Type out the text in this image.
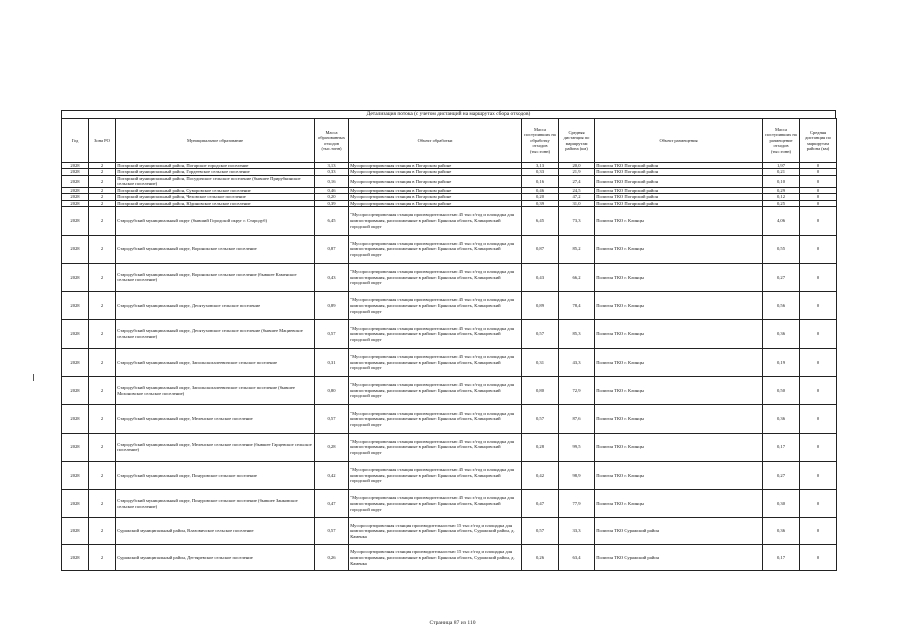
Детализация потока (с учетом дистанций на маршрутах сбора отходов)
Год	Зона РО	Муниципальное образование	Масса образованных отходов (тыс.тонн)	Объект обработки	Масса поступивших на обработку отходов (тыс.тонн)	Средняя дистанция по маршрутам района (км)	Объект размещения	Масса поступивших на размещение отходов (тыс.тонн)	Средняя дистанция по маршрутам района (км)
2028	2	Погарский муниципальный район, Погарское городское поселение	3,13	Мусоросортировочная станция в Погарском районе	3,13	20,0	Полигон ТКО Погарский район	1,97	0
2028	2	Погарский муниципальный район, Гордеевское сельское поселение	0,33	Мусоросортировочная станция в Погарском районе	0,33	21,9	Полигон ТКО Погарский район	0,21	0
2028	2	Погарский муниципальный район, Посудичское сельское поселение (бывшее Прирубкинское сельское поселение)	0,16	Мусоросортировочная станция в Погарском районе	0,16	27,4	Полигон ТКО Погарский район	0,10	0
2028	2	Погарский муниципальный район, Суворовское сельское поселение	0,46	Мусоросортировочная станция в Погарском районе	0,46	24,5	Полигон ТКО Погарский район	0,29	0
2028	2	Погарский муниципальный район, Чеховское сельское поселение	0,20	Мусоросортировочная станция в Погарском районе	0,20	47,2	Полигон ТКО Погарский район	0,12	0
2028	2	Погарский муниципальный район, Юдиновское сельское поселение	0,39	Мусоросортировочная станция в Погарском районе	0,39	31,0	Полигон ТКО Погарский район	0,25	0
2028	2	Стародубский муниципальный округ (бывший Городской округ г. Стародуб)	6,45	"Мусоросортировочная станция производительностью 45 тыс.т/год и площадка для компостирования, расположенные в районе: Брянская область, Клинцовский городской округ	6,45	73,3	Полигон ТКО г. Клинцы	4,06	0
2028	2	Стародубский муниципальный округ, Воронокское сельское поселение	0,87	"Мусоросортировочная станция производительностью 45 тыс.т/год и площадка для компостирования, расположенные в районе: Брянская область, Клинцовский городской округ	0,87	85,2	Полигон ТКО г. Клинцы	0,55	0
2028	2	Стародубский муниципальный округ, Воронокское сельское поселение (бывшее Каменское сельское поселение)	0,43	"Мусоросортировочная станция производительностью 45 тыс.т/год и площадка для компостирования, расположенные в районе: Брянская область, Клинцовский городской округ	0,43	66,2	Полигон ТКО г. Клинцы	0,27	0
2028	2	Стародубский муниципальный округ, Десятуховское сельское поселение	0,89	"Мусоросортировочная станция производительностью 45 тыс.т/год и площадка для компостирования, расположенные в районе: Брянская область, Клинцовский городской округ	0,89	78,4	Полигон ТКО г. Клинцы	0,56	0
2028	2	Стародубский муниципальный округ, Десятуховское сельское поселение (бывшее Мациевское сельское поселение)	0,57	"Мусоросортировочная станция производительностью 45 тыс.т/год и площадка для компостирования, расположенные в районе: Брянская область, Клинцовский городской округ	0,57	85,3	Полигон ТКО г. Клинцы	0,36	0
2028	2	Стародубский муниципальный округ, Запольскохалеевичское сельское поселение	0,31	"Мусоросортировочная станция производительностью 45 тыс.т/год и площадка для компостирования, расположенные в районе: Брянская область, Клинцовский городской округ	0,31	43,3	Полигон ТКО г. Клинцы	0,19	0
2028	2	Стародубский муниципальный округ, Запольскохалеевичское сельское поселение (бывшее Мохоновское сельское поселение)	0,80	"Мусоросортировочная станция производительностью 45 тыс.т/год и площадка для компостирования, расположенные в районе: Брянская область, Клинцовский городской округ	0,80	72,9	Полигон ТКО г. Клинцы	0,50	0
2028	2	Стародубский муниципальный округ, Меленское сельское поселение	0,57	"Мусоросортировочная станция производительностью 45 тыс.т/год и площадка для компостирования, расположенные в районе: Брянская область, Клинцовский городской округ	0,57	87,6	Полигон ТКО г. Клинцы	0,36	0
2028	2	Стародубский муниципальный округ, Меленское сельское поселение (бывшее Гарцевское сельское поселение)	0,28	"Мусоросортировочная станция производительностью 45 тыс.т/год и площадка для компостирования, расположенные в районе: Брянская область, Клинцовский городской округ	0,28	99,5	Полигон ТКО г. Клинцы	0,17	0
2028	2	Стародубский муниципальный округ, Понуровское сельское поселение	0,42	"Мусоросортировочная станция производительностью 45 тыс.т/год и площадка для компостирования, расположенные в районе: Брянская область, Клинцовский городской округ	0,42	98,9	Полигон ТКО г. Клинцы	0,27	0
2028	2	Стародубский муниципальный округ, Понуровское сельское поселение (бывшее Занковское сельское поселение)	0,47	"Мусоросортировочная станция производительностью 45 тыс.т/год и площадка для компостирования, расположенные в районе: Брянская область, Клинцовский городской округ	0,47	77,9	Полигон ТКО г. Клинцы	0,30	0
2028	2	Суражский муниципальный район, Влазовичское сельское поселение	0,57	Мусоросортировочная станция производительностью 15 тыс.т/год и площадка для компостирования, расположенные в районе: Брянская область, Суражский район, д. Каменка	0,57	33,3	Полигон ТКО Суражский район	0,36	0
2028	2	Суражский муниципальный район, Дегтяревское сельское поселение	0,26	Мусоросортировочная станция производительностью 15 тыс.т/год и площадка для компостирования, расположенные в районе: Брянская область, Суражский район, д. Каменка	0,26	63,4	Полигон ТКО Суражский район	0,17	0
Страница 87 из 110
